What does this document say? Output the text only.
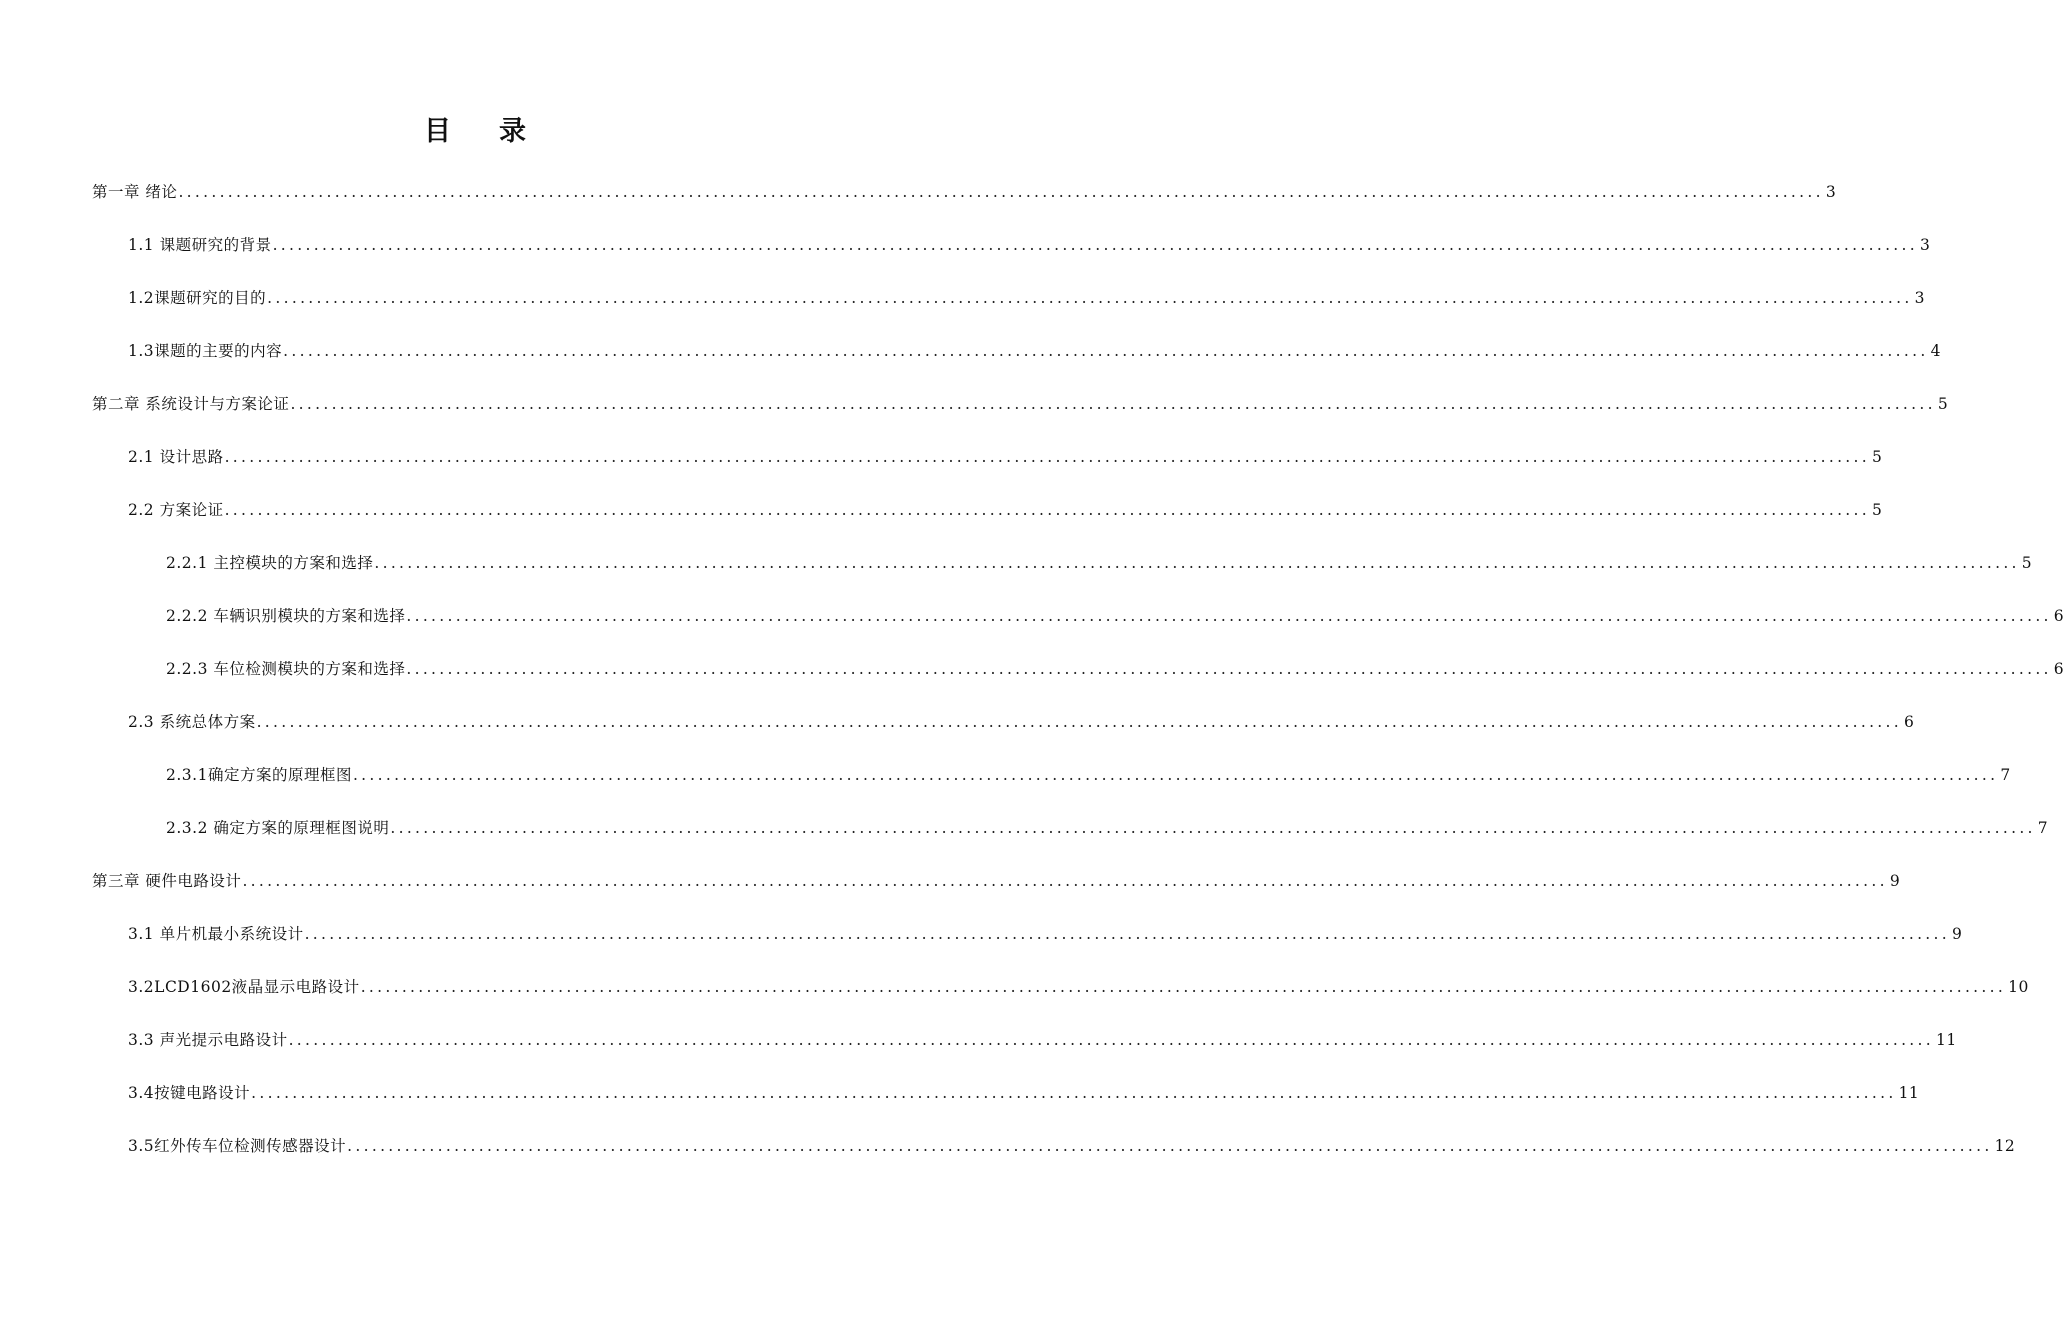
目 录
第一章 绪论 ........................................................................................................................................................................................................ 3
1.1 课题研究的背景 ........................................................................................................................................................................................................ 3
1.2课题研究的目的 ........................................................................................................................................................................................................ 3
1.3课题的主要的内容 ........................................................................................................................................................................................................ 4
第二章 系统设计与方案论证 ........................................................................................................................................................................................................ 5
2.1 设计思路 ........................................................................................................................................................................................................ 5
2.2 方案论证 ........................................................................................................................................................................................................ 5
2.2.1 主控模块的方案和选择 ........................................................................................................................................................................................................ 5
2.2.2 车辆识别模块的方案和选择 ........................................................................................................................................................................................................ 6
2.2.3 车位检测模块的方案和选择 ........................................................................................................................................................................................................ 6
2.3 系统总体方案 ........................................................................................................................................................................................................ 6
2.3.1确定方案的原理框图 ........................................................................................................................................................................................................ 7
2.3.2 确定方案的原理框图说明 ........................................................................................................................................................................................................ 7
第三章 硬件电路设计 ........................................................................................................................................................................................................ 9
3.1 单片机最小系统设计 ........................................................................................................................................................................................................ 9
3.2LCD1602液晶显示电路设计 ........................................................................................................................................................................................................ 10
3.3 声光提示电路设计 ........................................................................................................................................................................................................ 11
3.4按键电路设计 ........................................................................................................................................................................................................ 11
3.5红外传车位检测传感器设计 ........................................................................................................................................................................................................ 12
